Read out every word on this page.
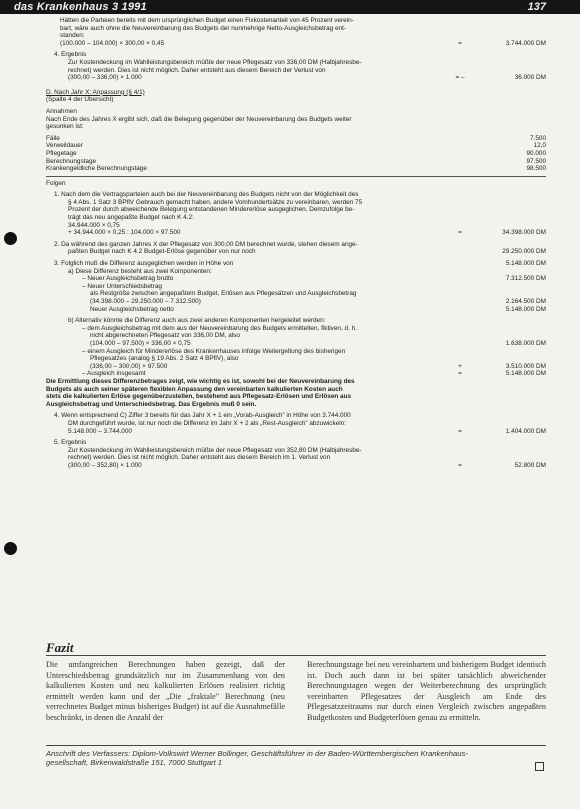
das Krankenhaus 3 1991	137

Hätten die Parteien bereits mit dem ursprünglichen Budget einen Fixkostenanteil von 45 Prozent verein-

bart, wäre auch ohne die Neuvereinbarung des Budgets der nunmehrige Netto-Ausgleichsbetrag ent-

standen:

(100.000 – 104.000) × 300,00 × 0,45	=	3.744.000 DM

4. Ergebnis

Zur Kostendeckung im Wahlleistungsbereich müßte der neue Pflegesatz von 336,00 DM (Halbjahresbe-

rechnet) werden. Dies ist nicht möglich. Daher entsteht aus diesem Bereich der Verlust von

(300,00 – 336,00) × 1.000	= –	36.000 DM

D. Nach Jahr X: Anpassung (§ 4/1)

(Spalte 4 der Übersicht)

Annahmen

Nach Ende des Jahres X ergibt sich, daß die Belegung gegenüber der Neuvereinbarung des Budgets weiter

gesunken ist:

Fälle	7.500
Verweildauer	12,0
Pflegetage	90.000
Berechnungstage	97.500
Krankengeldliche Berechnungstage	98.500

Folgen

1. Nach dem die Vertragsparteien auch bei der Neuvereinbarung des Budgets nicht von der Möglichkeit des

§ 4 Abs. 1 Satz 3 BPflV Gebrauch gemacht haben, andere Vomhundertsätze zu vereinbaren, werden 75

Prozent der durch abweichende Belegung entstandenen Mindererlöse ausgeglichen. Demzufolge be-

trägt das neu angepaßte Budget nach K 4.2:

34.944.000 × 0,75

+ 34.944.000 × 0,25 : 104.000 × 97.500	=	34.398.000 DM

2. Da während des ganzen Jahres X der Pflegesatz von 300,00 DM berechnet wurde, stehen diesem ange-

paßten Budget nach K 4.2 Budget-Erlöse gegenüber von nur noch	29.250.000 DM
3. Folglich muß die Differenz ausgeglichen werden in Höhe von	5.148.000 DM

a) Diese Differenz besteht aus zwei Komponenten:

– Neuer Ausgleichsbetrag brutto	7.312.500 DM
– Neuer Unterschiedsbetrag
als Restgröße zwischen angepaßtem Budget, Erlösen aus Pflegesätzen und Ausgleichsbetrag
(34.398.000 – 29.250.000 – 7.312.500)	2.164.500 DM
Neuer Ausgleichsbetrag netto	5.148.000 DM

b) Alternativ könnte die Differenz auch aus zwei anderen Komponenten hergeleitet werden:

– dem Ausgleichsbetrag mit dem aus der Neuvereinbarung des Budgets ermittelten, fiktiven, d. h.

nicht abgerechneten Pflegesatz von 336,00 DM, also

(104.000 – 97.500) × 336,00 × 0,75	1.638.000 DM

– einem Ausgleich für Mindererlöse des Krankenhauses infolge Weitergeltung des bisherigen

Pflegesatzes (analog § 19 Abs. 2 Satz 4 BPflV), also

(336,00 – 300,00) × 97.500	+	3.510.000 DM
– Ausgleich insgesamt	=	5.148.000 DM

Die Ermittlung dieses Differenzbetrages zeigt, wie wichtig es ist, sowohl bei der Neuvereinbarung des

Budgets als auch seiner späteren flexiblen Anpassung den vereinbarten kalkulierten Kosten auch

stets die kalkulierten Erlöse gegenüberzustellen, bestehend aus Pflegesatz-Erlösen und Erlösen aus

Ausgleichsbetrag und Unterschiedsbetrag. Das Ergebnis muß 0 sein.

4. Wenn entsprechend C) Ziffer 3 bereits für das Jahr X + 1 ein „Vorab-Ausgleich" in Höhe von 3.744.000

DM durchgeführt wurde, ist nur noch die Differenz im Jahr X + 2 als „Rest-Ausgleich" abzuwickeln:

5.148.000 – 3.744.000	=	1.404.000 DM

5. Ergebnis

Zur Kostendeckung im Wahlleistungsbereich müßte der neue Pflegesatz von 352,80 DM (Halbjahresbe-

rechnet) werden. Dies ist nicht möglich. Daher entsteht aus diesem Bereich im 1. Verlust von

(300,00 – 352,80) × 1.000	=	52.800 DM
Fazit
Die umfangreichen Berechnungen haben gezeigt, daß der Unterschiedsbetrag grundsätzlich nur im Zusammenhang von den kalkulierten Kosten und neu kalkulierten Erlösen realisiert richtig ermittelt werden kann und der „Die „fraktale" Berechnung (neu verrechnetes Budget minus bisheriges Budget) ist auf die Ausnahmefälle beschränkt, in denen die Anzahl der
Berechnungstage bei neu vereinbartem und bisherigem Budget identisch ist. Doch auch dann ist bei später tatsächlich abweichender Berechnungstagen wegen der Weiterberechnung des ursprünglich vereinbarten Pflegesatzes der Ausgleich am Ende des Pflegesatzzeitraums nur durch einen Vergleich zwischen angepaßten Budgetkosten und Budgeterlösen genau zu ermitteln.
Anschrift des Verfassers: Diplom-Volkswirt Werner Bollinger, Geschäftsführer in der Baden-Württembergischen Krankenhaus-
gesellschaft, Birkenwaldstraße 151, 7000 Stuttgart 1
